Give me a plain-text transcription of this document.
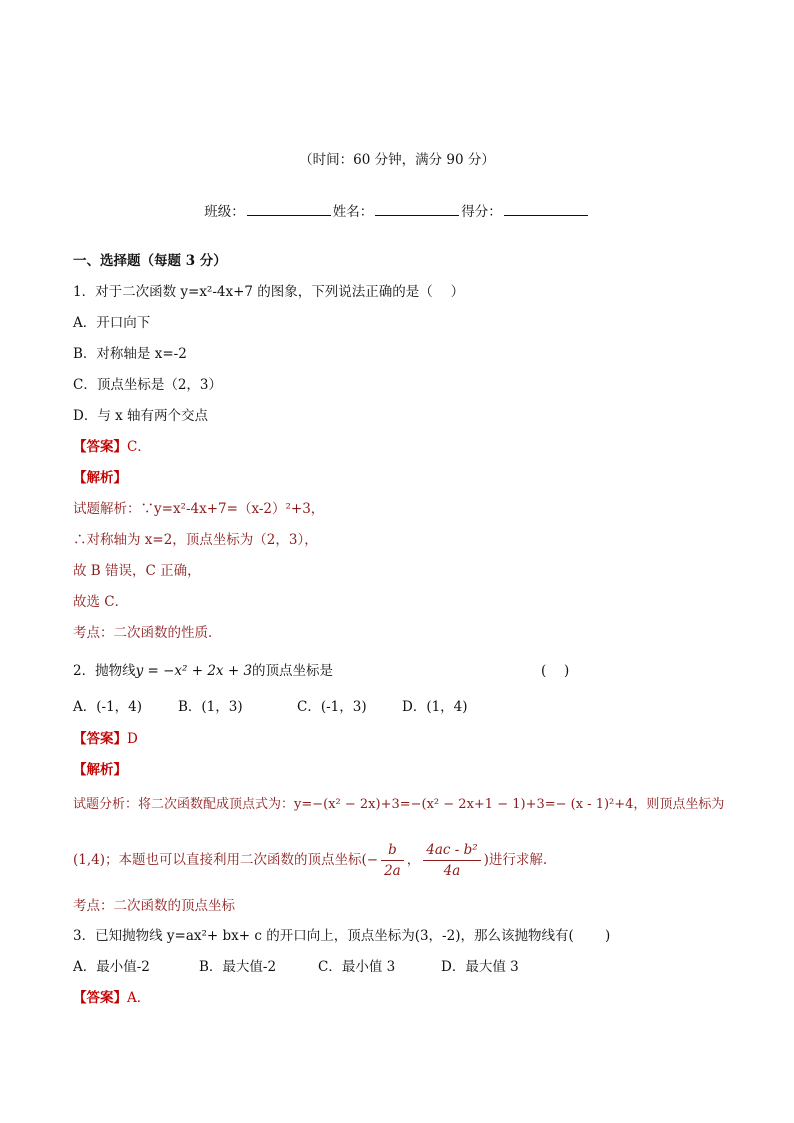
（时间：60 分钟，满分 90 分）
班级：	姓名：	得分：
一、选择题（每题 3 分）
1．对于二次函数 y=x²-4x+7 的图象，下列说法正确的是（　 ）
A．开口向下
B．对称轴是 x=-2
C．顶点坐标是（2，3）
D．与 x 轴有两个交点
【答案】C．
【解析】
试题解析：∵y=x²-4x+7=（x-2）²+3，
∴对称轴为 x=2，顶点坐标为（2，3），
故 B 错误，C 正确，
故选 C．
考点：二次函数的性质．
2．抛物线y = −x² + 2x + 3的顶点坐标是	(　 )
A．(-1，4)	B．(1，3)	C．(-1，3)	D．(1，4)
【答案】D
【解析】
试题分析：将二次函数配成顶点式为：y=−(x² − 2x)+3=−(x² − 2x+1 − 1)+3=− (x - 1)²+4，则顶点坐标为
(1,4)；本题也可以直接利用二次函数的顶点坐标(− $\frac{b}{2a}$ ， $\frac{\text{4ac - b²}}{4a}$ )进行求解.
考点：二次函数的顶点坐标
3．已知抛物线 y=ax²+ bx+ c 的开口向上，顶点坐标为(3，-2)，那么该抛物线有(　　 )
A．最小值-2	B．最大值-2	C．最小值 3	D．最大值 3
【答案】A．
